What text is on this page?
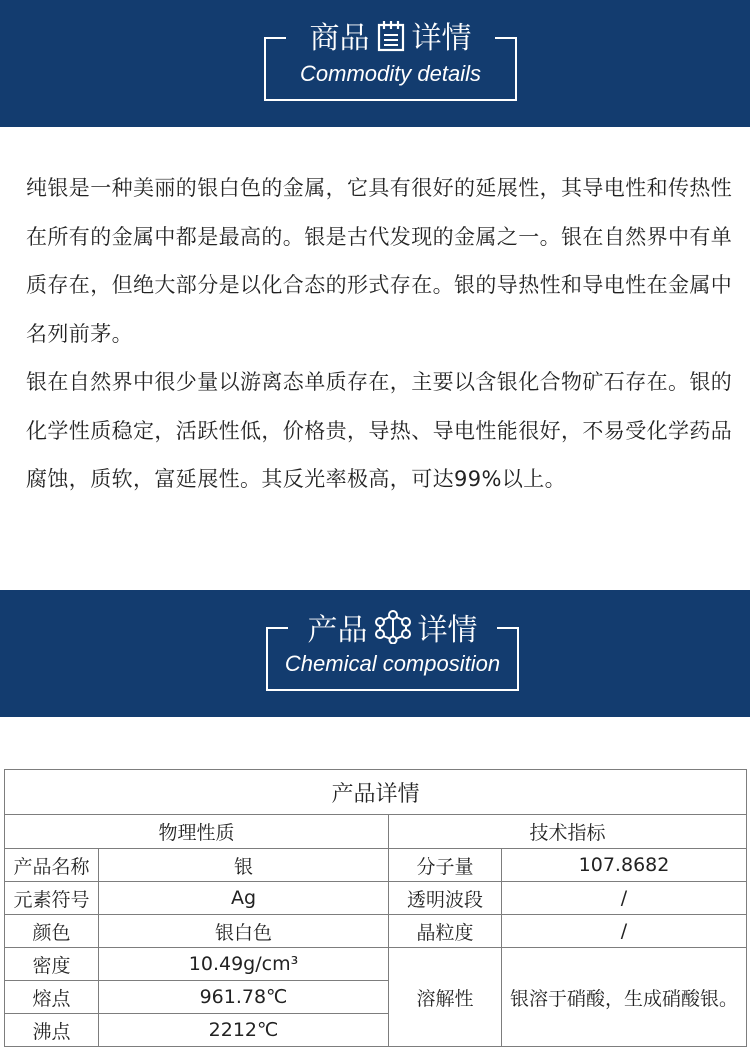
商品 详情
Commodity details

纯银是一种美丽的银白色的金属，它具有很好的延展性，其导电性和传热性在所有的金属中都是最高的。银是古代发现的金属之一。银在自然界中有单质存在，但绝大部分是以化合态的形式存在。银的导热性和导电性在金属中名列前茅。

银在自然界中很少量以游离态单质存在，主要以含银化合物矿石存在。银的化学性质稳定，活跃性低，价格贵，导热、导电性能很好，不易受化学药品腐蚀，质软，富延展性。其反光率极高，可达99%以上。

产品 详情
Chemical composition
产品详情			
物理性质		技术指标	
产品名称	银	分子量	107.8682
元素符号	Ag	透明波段	/
颜色	银白色	晶粒度	/
密度	10.49g/cm³	溶解性	银溶于硝酸，生成硝酸银。
熔点	961.78℃		
沸点	2212℃		
